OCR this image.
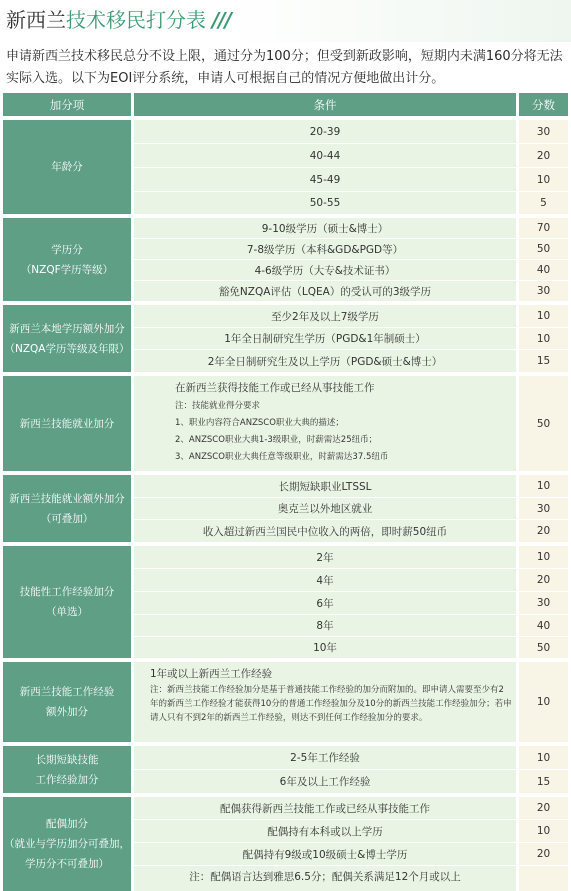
新西兰技术移民打分表 ///

申请新西兰技术移民总分不设上限，通过分为100分；但受到新政影响，短期内未满160分将无法实际入选。以下为EOI评分系统，申请人可根据自己的情况方便地做出计分。

加分项	条件	分数
年龄分
20-39
40-44
45-49
50-55
30
20
10
5
学历分
（NZQF学历等级）
9-10级学历（硕士&博士）
7-8级学历（本科&GD&PGD等）
4-6级学历（大专&技术证书）
豁免NZQA评估（LQEA）的受认可的3级学历
70
50
40
30
新西兰本地学历额外加分
（NZQA学历等级及年限）
至少2年及以上7级学历
1年全日制研究生学历（PGD&1年制硕士）
2年全日制研究生及以上学历（PGD&硕士&博士）
10
10
15
新西兰技能就业加分
在新西兰获得技能工作或已经从事技能工作
注：技能就业得分要求
1、职业内容符合ANZSCO职业大典的描述；
2、ANZSCO职业大典1-3级职业，时薪需达25纽币；
3、ANZSCO职业大典任意等级职业，时薪需达37.5纽币
50
新西兰技能就业额外加分
（可叠加）
长期短缺职业LTSSL
奥克兰以外地区就业
收入超过新西兰国民中位收入的两倍，即时薪50纽币
10
30
20
技能性工作经验加分
（单选）
2年
4年
6年
8年
10年
10
20
30
40
50
新西兰技能工作经验
额外加分
1年或以上新西兰工作经验
注：新西兰技能工作经验加分是基于普通技能工作经验的加分而附加的。即申请人需要至少有2年的新西兰工作经验才能获得10分的普通工作经验加分及10分的新西兰技能工作经验加分；若申请人只有不到2年的新西兰工作经验，则达不到任何工作经验加分的要求。
10
长期短缺技能
工作经验加分
2-5年工作经验
6年及以上工作经验
10
15
配偶加分
（就业与学历加分可叠加，
学历分不可叠加）
配偶获得新西兰技能工作或已经从事技能工作
配偶持有本科或以上学历
配偶持有9级或10级硕士&博士学历
注：配偶语言达到雅思6.5分；配偶关系满足12个月或以上
20
10
20
